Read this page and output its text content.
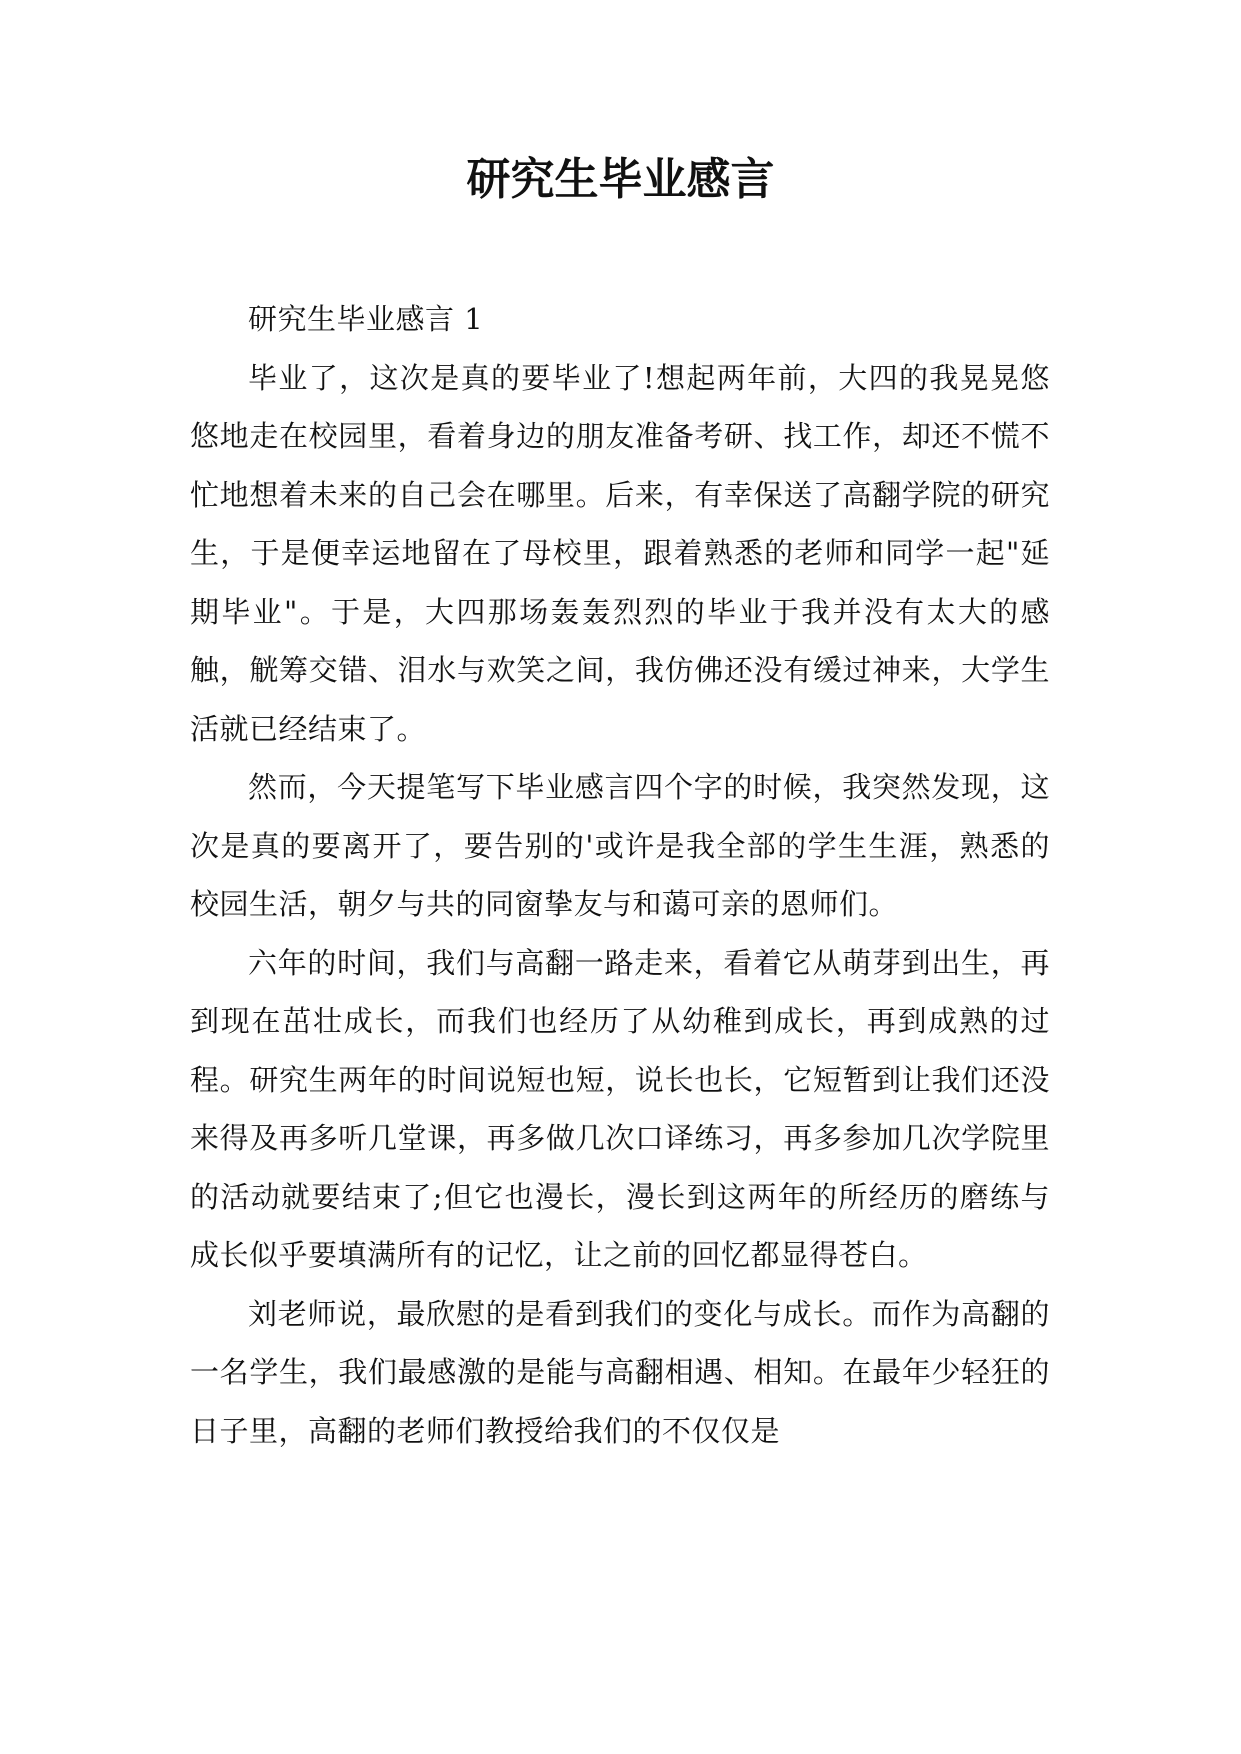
研究生毕业感言

研究生毕业感言 1

毕业了，这次是真的要毕业了!想起两年前，大四的我晃晃悠悠地走在校园里，看着身边的朋友准备考研、找工作，却还不慌不忙地想着未来的自己会在哪里。后来，有幸保送了高翻学院的研究生，于是便幸运地留在了母校里，跟着熟悉的老师和同学一起"延期毕业"。于是，大四那场轰轰烈烈的毕业于我并没有太大的感触，觥筹交错、泪水与欢笑之间，我仿佛还没有缓过神来，大学生活就已经结束了。

然而，今天提笔写下毕业感言四个字的时候，我突然发现，这次是真的要离开了，要告别的'或许是我全部的学生生涯，熟悉的校园生活，朝夕与共的同窗挚友与和蔼可亲的恩师们。

六年的时间，我们与高翻一路走来，看着它从萌芽到出生，再到现在茁壮成长，而我们也经历了从幼稚到成长，再到成熟的过程。研究生两年的时间说短也短，说长也长，它短暂到让我们还没来得及再多听几堂课，再多做几次口译练习，再多参加几次学院里的活动就要结束了;但它也漫长，漫长到这两年的所经历的磨练与成长似乎要填满所有的记忆，让之前的回忆都显得苍白。

刘老师说，最欣慰的是看到我们的变化与成长。而作为高翻的一名学生，我们最感激的是能与高翻相遇、相知。在最年少轻狂的日子里，高翻的老师们教授给我们的不仅仅是
